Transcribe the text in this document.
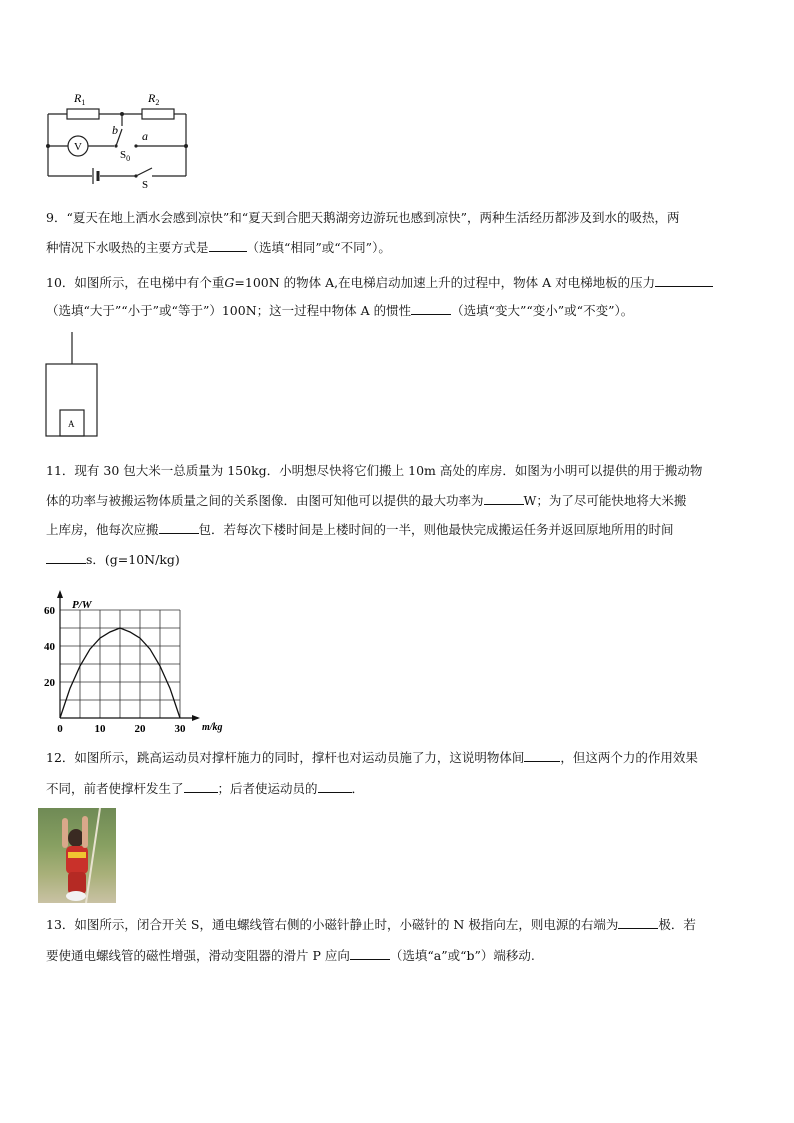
$R_1$	$R_2$
V
b a
$S_0$
S
9．“夏天在地上洒水会感到凉快”和“夏天到合肥天鹅湖旁边游玩也感到凉快”，两种生活经历都涉及到水的吸热，两
种情况下水吸热的主要方式是	（选填“相同”或“不同”）。
10．如图所示，在电梯中有个重G=100N 的物体 A,在电梯启动加速上升的过程中，物体 A 对电梯地板的压力
（选填“大于”“小于”或“等于”）100N；这一过程中物体 A 的惯性	（选填“变大”“变小”或“不变”）。
A
11．现有 30 包大米一总质量为 150kg．小明想尽快将它们搬上 10m 高处的库房．如图为小明可以提供的用于搬动物
体的功率与被搬运物体质量之间的关系图像．由图可知他可以提供的最大功率为	W；为了尽可能快地将大米搬
上库房，他每次应搬	包．若每次下楼时间是上楼时间的一半，则他最快完成搬运任务并返回原地所用的时间
s．(g=10N/kg)
0	10	20	30
20
40
60 P/W
m/kg
12．如图所示，跳高运动员对撑杆施力的同时，撑杆也对运动员施了力，这说明物体间	，但这两个力的作用效果
不同，前者使撑杆发生了	；后者使运动员的	．
13．如图所示，闭合开关 S，通电螺线管右侧的小磁针静止时，小磁针的 N 极指向左，则电源的右端为	极．若
要使通电螺线管的磁性增强，滑动变阻器的滑片 P 应向	（选填“a”或“b”）端移动.
